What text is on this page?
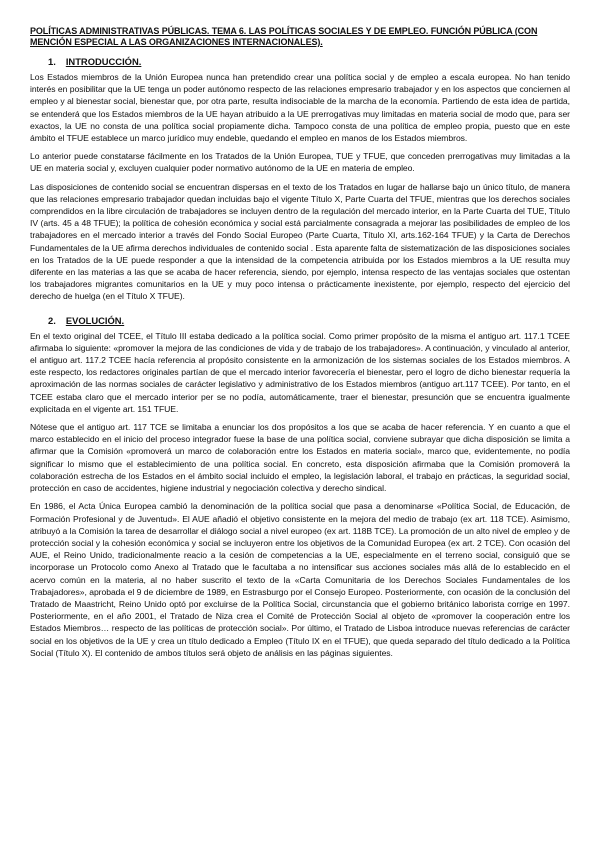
POLÍTICAS ADMINISTRATIVAS PÚBLICAS. TEMA 6. LAS POLÍTICAS SOCIALES Y DE EMPLEO. FUNCIÓN PÚBLICA (CON MENCIÓN ESPECIAL A LAS ORGANIZACIONES INTERNACIONALES).
1. INTRODUCCIÓN.

Los Estados miembros de la Unión Europea nunca han pretendido crear una política social y de empleo a escala europea. No han tenido interés en posibilitar que la UE tenga un poder autónomo respecto de las relaciones empresario trabajador y en los aspectos que conciernen al empleo y al bienestar social, bienestar que, por otra parte, resulta indisociable de la marcha de la economía. Partiendo de esta idea de partida, se entenderá que los Estados miembros de la UE hayan atribuido a la UE prerrogativas muy limitadas en materia social de modo que, para ser exactos, la UE no consta de una política social propiamente dicha. Tampoco consta de una política de empleo propia, puesto que en este ámbito el TFUE establece un marco jurídico muy endeble, quedando el empleo en manos de los Estados miembros.

Lo anterior puede constatarse fácilmente en los Tratados de la Unión Europea, TUE y TFUE, que conceden prerrogativas muy limitadas a la UE en materia social y, excluyen cualquier poder normativo autónomo de la UE en materia de empleo.

Las disposiciones de contenido social se encuentran dispersas en el texto de los Tratados en lugar de hallarse bajo un único título, de manera que las relaciones empresario trabajador quedan incluidas bajo el vigente Título X, Parte Cuarta del TFUE, mientras que los derechos sociales comprendidos en la libre circulación de trabajadores se incluyen dentro de la regulación del mercado interior, en la Parte Cuarta del TUE, Título IV (arts. 45 a 48 TFUE); la política de cohesión económica y social está parcialmente consagrada a mejorar las posibilidades de empleo de los trabajadores en el mercado interior a través del Fondo Social Europeo (Parte Cuarta, Título XI, arts.162-164 TFUE) y la Carta de Derechos Fundamentales de la UE afirma derechos individuales de contenido social . Esta aparente falta de sistematización de las disposiciones sociales en los Tratados de la UE puede responder a que la intensidad de la competencia atribuida por los Estados miembros a la UE resulta muy diferente en las materias a las que se acaba de hacer referencia, siendo, por ejemplo, intensa respecto de las ventajas sociales que ostentan los trabajadores migrantes comunitarios en la UE y muy poco intensa o prácticamente inexistente, por ejemplo, respecto del ejercicio del derecho de huelga (en el Título X TFUE).

2. EVOLUCIÓN.

En el texto original del TCEE, el Título III estaba dedicado a la política social. Como primer propósito de la misma el antiguo art. 117.1 TCEE afirmaba lo siguiente: «promover la mejora de las condiciones de vida y de trabajo de los trabajadores». A continuación, y vinculado al anterior, el antiguo art. 117.2 TCEE hacía referencia al propósito consistente en la armonización de los sistemas sociales de los Estados miembros. A este respecto, los redactores originales partían de que el mercado interior favorecería el bienestar, pero el logro de dicho bienestar requería la aproximación de las normas sociales de carácter legislativo y administrativo de los Estados miembros (antiguo art.117 TCEE). Por tanto, en el TCEE estaba claro que el mercado interior per se no podía, automáticamente, traer el bienestar, presunción que se encuentra igualmente explicitada en el vigente art. 151 TFUE.

Nótese que el antiguo art. 117 TCE se limitaba a enunciar los dos propósitos a los que se acaba de hacer referencia. Y en cuanto a que el marco establecido en el inicio del proceso integrador fuese la base de una política social, conviene subrayar que dicha disposición se limita a afirmar que la Comisión «promoverá un marco de colaboración entre los Estados en materia social», marco que, evidentemente, no podía significar lo mismo que el establecimiento de una política social. En concreto, esta disposición afirmaba que la Comisión promoverá la colaboración estrecha de los Estados en el ámbito social incluido el empleo, la legislación laboral, el trabajo en prácticas, la seguridad social, protección en caso de accidentes, higiene industrial y negociación colectiva y derecho sindical.

En 1986, el Acta Única Europea cambió la denominación de la política social que pasa a denominarse «Política Social, de Educación, de Formación Profesional y de Juventud». El AUE añadió el objetivo consistente en la mejora del medio de trabajo (ex art. 118 TCE). Asimismo, atribuyó a la Comisión la tarea de desarrollar el diálogo social a nivel europeo (ex art. 118B TCE). La promoción de un alto nivel de empleo y de protección social y la cohesión económica y social se incluyeron entre los objetivos de la Comunidad Europea (ex art. 2 TCE). Con ocasión del AUE, el Reino Unido, tradicionalmente reacio a la cesión de competencias a la UE, especialmente en el terreno social, consiguió que se incorporase un Protocolo como Anexo al Tratado que le facultaba a no intensificar sus acciones sociales más allá de lo establecido en el acervo común en la materia, al no haber suscrito el texto de la «Carta Comunitaria de los Derechos Sociales Fundamentales de los Trabajadores», aprobada el 9 de diciembre de 1989, en Estrasburgo por el Consejo Europeo. Posteriormente, con ocasión de la conclusión del Tratado de Maastricht, Reino Unido optó por excluirse de la Política Social, circunstancia que el gobierno británico laborista corrige en 1997. Posteriormente, en el año 2001, el Tratado de Niza crea el Comité de Protección Social al objeto de «promover la cooperación entre los Estados Miembros… respecto de las políticas de protección social». Por último, el Tratado de Lisboa introduce nuevas referencias de carácter social en los objetivos de la UE y crea un título dedicado a Empleo (Título IX en el TFUE), que queda separado del título dedicado a la Política Social (Título X). El contenido de ambos títulos será objeto de análisis en las páginas siguientes.
